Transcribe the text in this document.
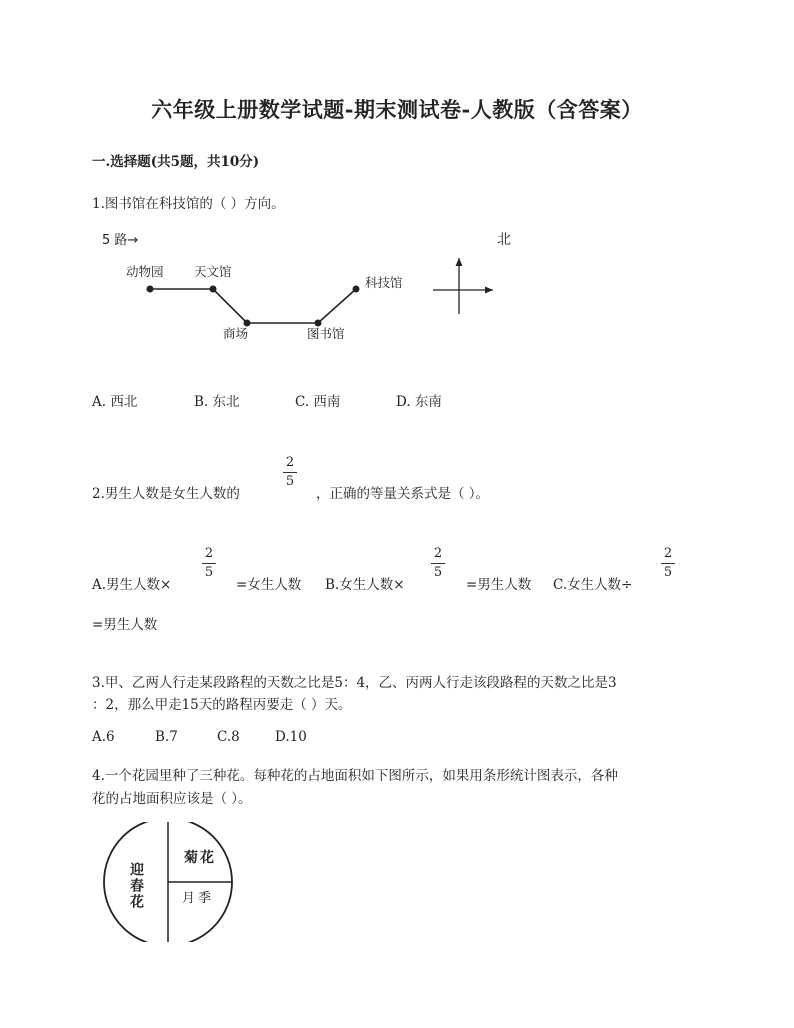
六年级上册数学试题-期末测试卷-人教版（含答案）
一.选择题(共5题，共10分)
1.图书馆在科技馆的（ ）方向。
5 路→	北
动物园 天文馆
商场	图书馆
科技馆
A. 西北	B. 东北	C. 西南	D. 东南
2.男生人数是女生人数的
2
5
，正确的等量关系式是（ ）。
A.男生人数×
2
5
=女生人数 B.女生人数×
2
5
=男生人数 C.女生人数÷
2
5
=男生人数
3.甲、乙两人行走某段路程的天数之比是5：4，乙、丙两人行走该段路程的天数之比是3
：2，那么甲走15天的路程丙要走（ ）天。
A.6	B.7	C.8	D.10
4.一个花园里种了三种花。每种花的占地面积如下图所示，如果用条形统计图表示，各种
花的占地面积应该是（ ）。
迎春花
菊花
月季
